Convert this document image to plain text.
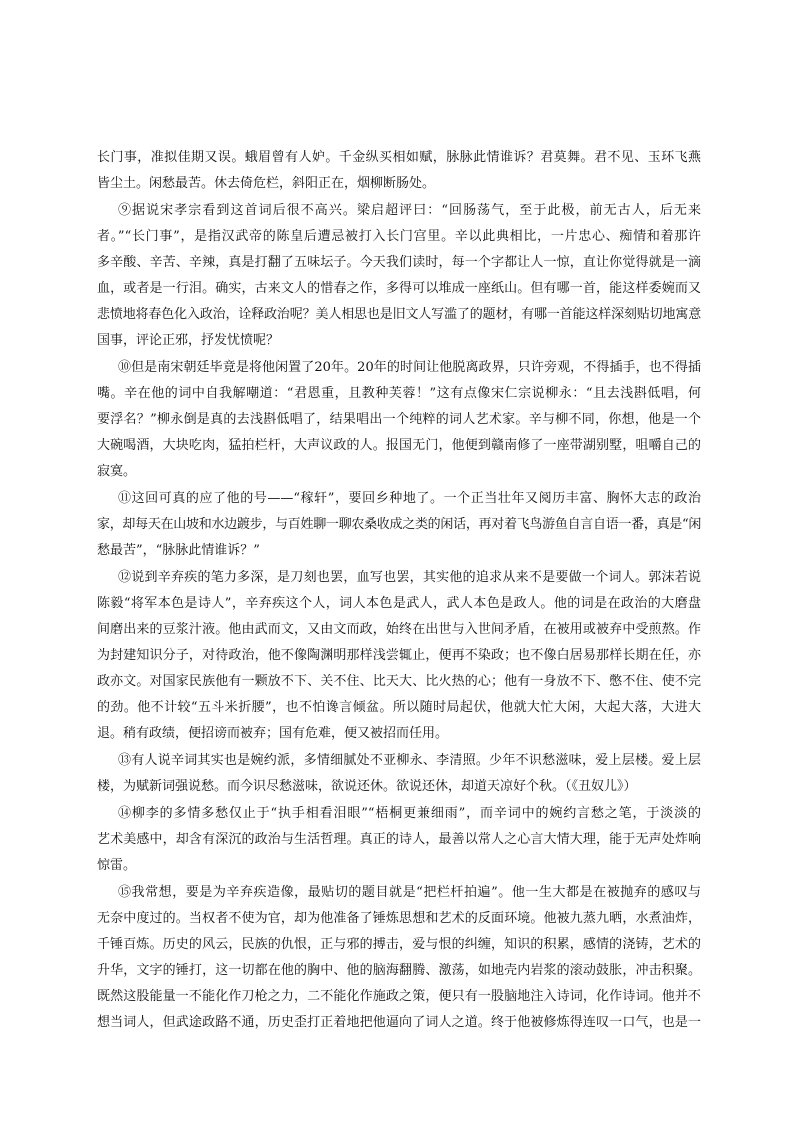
长门事，准拟佳期又误。蛾眉曾有人妒。千金纵买相如赋，脉脉此情谁诉？君莫舞。君不见、玉环飞燕
皆尘土。闲愁最苦。休去倚危栏，斜阳正在，烟柳断肠处。
⑨据说宋孝宗看到这首词后很不高兴。梁启超评曰：“回肠荡气，至于此极，前无古人，后无来
者。”“长门事”，是指汉武帝的陈皇后遭忌被打入长门宫里。辛以此典相比，一片忠心、痴情和着那许
多辛酸、辛苦、辛辣，真是打翻了五味坛子。今天我们读时，每一个字都让人一惊，直让你觉得就是一滴
血，或者是一行泪。确实，古来文人的惜春之作，多得可以堆成一座纸山。但有哪一首，能这样委婉而又
悲愤地将春色化入政治，诠释政治呢？美人相思也是旧文人写滥了的题材，有哪一首能这样深刻贴切地寓意
国事，评论正邪，抒发忧愤呢？
⑩但是南宋朝廷毕竟是将他闲置了20年。20年的时间让他脱离政界，只许旁观，不得插手，也不得插
嘴。辛在他的词中自我解嘲道：“君恩重，且教种芙蓉！”这有点像宋仁宗说柳永：“且去浅斟低唱，何
要浮名？”柳永倒是真的去浅斟低唱了，结果唱出一个纯粹的词人艺术家。辛与柳不同，你想，他是一个
大碗喝酒，大块吃肉，猛拍栏杆，大声议政的人。报国无门，他便到赣南修了一座带湖别墅，咀嚼自己的
寂寞。
⑪这回可真的应了他的号——“稼轩”，要回乡种地了。一个正当壮年又阅历丰富、胸怀大志的政治
家，却每天在山坡和水边踱步，与百姓聊一聊农桑收成之类的闲话，再对着飞鸟游鱼自言自语一番，真是“闲
愁最苦”，“脉脉此情谁诉？”
⑫说到辛弃疾的笔力多深，是刀刻也罢，血写也罢，其实他的追求从来不是要做一个词人。郭沫若说
陈毅“将军本色是诗人”，辛弃疾这个人，词人本色是武人，武人本色是政人。他的词是在政治的大磨盘
间磨出来的豆浆汁液。他由武而文，又由文而政，始终在出世与入世间矛盾，在被用或被弃中受煎熬。作
为封建知识分子，对待政治，他不像陶渊明那样浅尝辄止，便再不染政；也不像白居易那样长期在任，亦
政亦文。对国家民族他有一颗放不下、关不住、比天大、比火热的心；他有一身放不下、憋不住、使不完
的劲。他不计较“五斗米折腰”，也不怕谗言倾盆。所以随时局起伏，他就大忙大闲，大起大落，大进大
退。稍有政绩，便招谤而被弃；国有危难，便又被招而任用。
⑬有人说辛词其实也是婉约派，多情细腻处不亚柳永、李清照。少年不识愁滋味，爱上层楼。爱上层
楼，为赋新词强说愁。而今识尽愁滋味，欲说还休。欲说还休，却道天凉好个秋。（《丑奴儿》）
⑭柳李的多情多愁仅止于“执手相看泪眼”“梧桐更兼细雨”，而辛词中的婉约言愁之笔，于淡淡的
艺术美感中，却含有深沉的政治与生活哲理。真正的诗人，最善以常人之心言大情大理，能于无声处炸响
惊雷。
⑮我常想，要是为辛弃疾造像，最贴切的题目就是“把栏杆拍遍”。他一生大都是在被抛弃的感叹与
无奈中度过的。当权者不使为官，却为他准备了锤炼思想和艺术的反面环境。他被九蒸九晒，水煮油炸，
千锤百炼。历史的风云，民族的仇恨，正与邪的搏击，爱与恨的纠缠，知识的积累，感情的浇铸，艺术的
升华，文字的锤打，这一切都在他的胸中、他的脑海翻腾、激荡，如地壳内岩浆的滚动鼓胀，冲击积聚。
既然这股能量一不能化作刀枪之力，二不能化作施政之策，便只有一股脑地注入诗词，化作诗词。他并不
想当词人，但武途政路不通，历史歪打正着地把他逼向了词人之道。终于他被修炼得连叹一口气，也是一
